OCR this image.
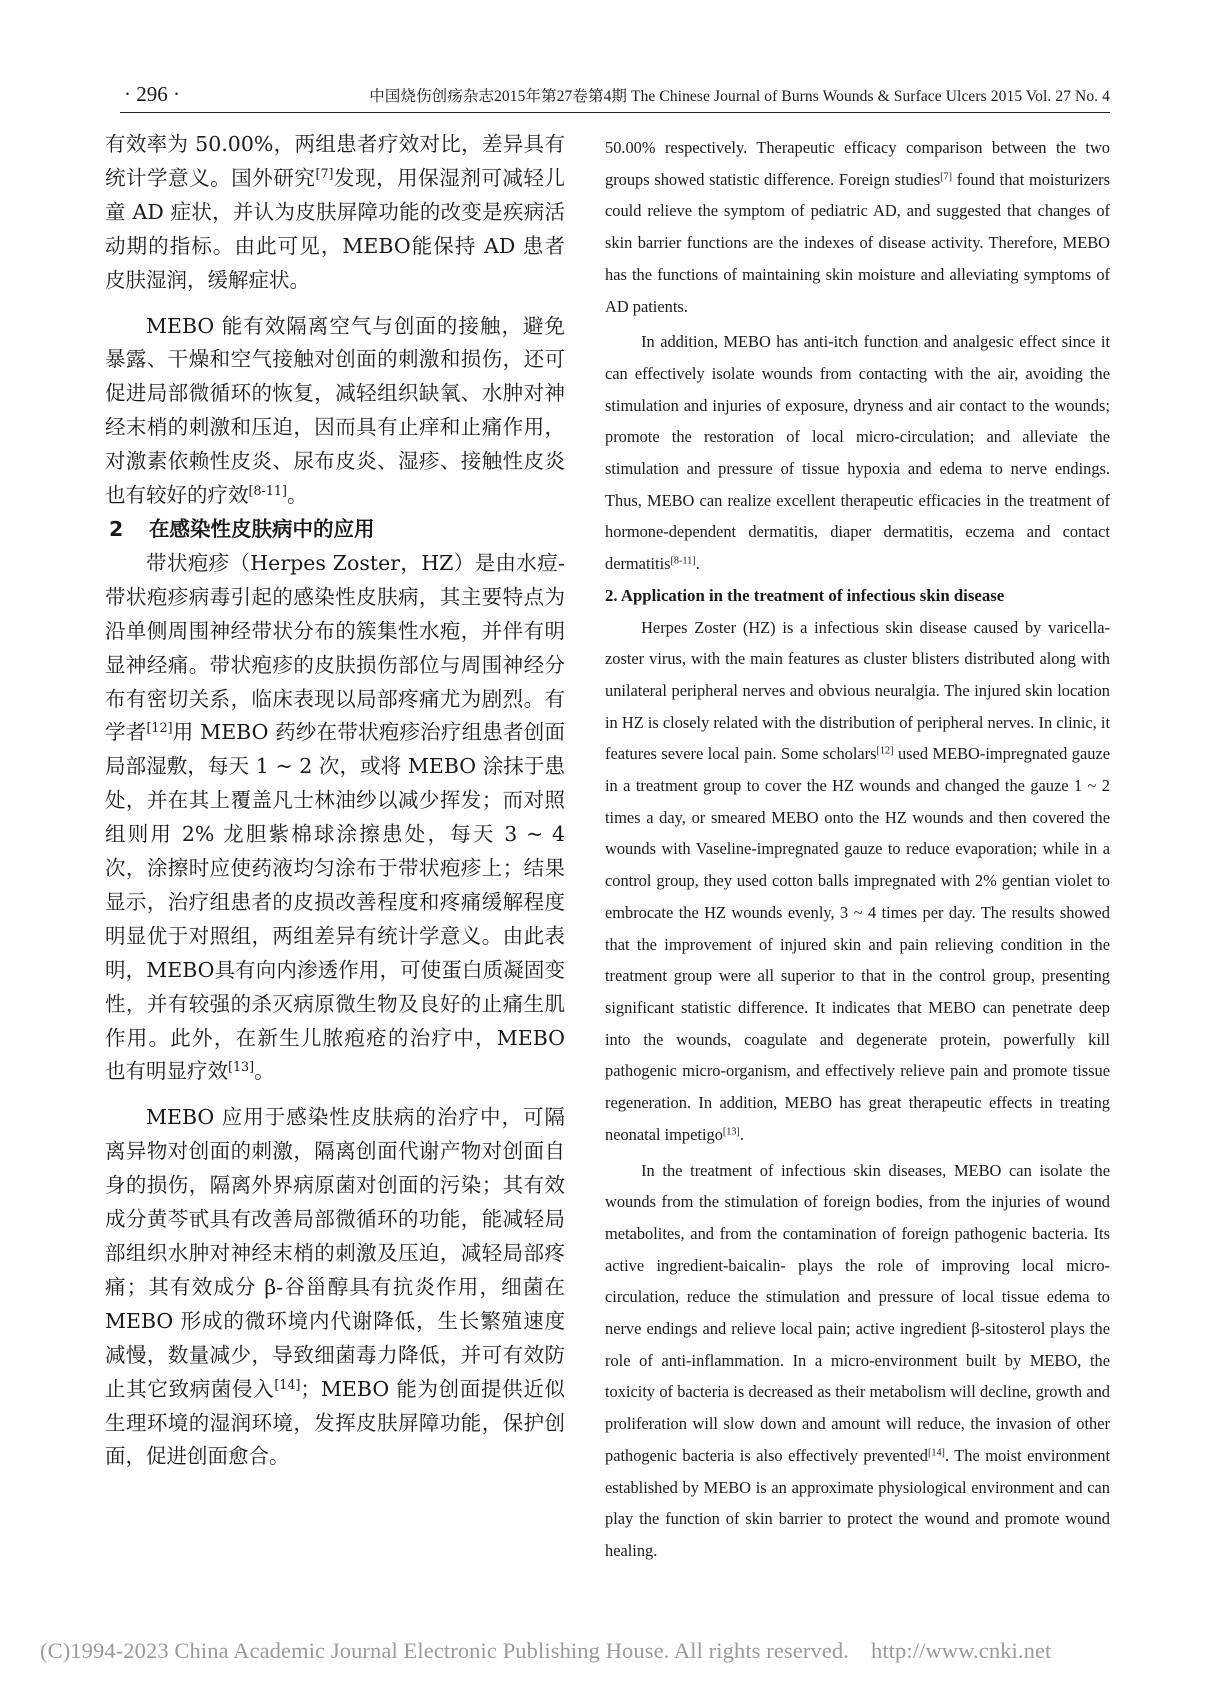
· 296 ·	中国烧伤创疡杂志2015年第27卷第4期 The Chinese Journal of Burns Wounds & Surface Ulcers 2015 Vol. 27 No. 4

有效率为 50.00%，两组患者疗效对比，差异具有统计学意义。国外研究[7]发现，用保湿剂可减轻儿童 AD 症状，并认为皮肤屏障功能的改变是疾病活动期的指标。由此可见，MEBO能保持 AD 患者皮肤湿润，缓解症状。

MEBO 能有效隔离空气与创面的接触，避免暴露、干燥和空气接触对创面的刺激和损伤，还可促进局部微循环的恢复，减轻组织缺氧、水肿对神经末梢的刺激和压迫，因而具有止痒和止痛作用，对激素依赖性皮炎、尿布皮炎、湿疹、接触性皮炎也有较好的疗效[8-11]。

2 在感染性皮肤病中的应用

带状疱疹（Herpes Zoster，HZ）是由水痘-带状疱疹病毒引起的感染性皮肤病，其主要特点为沿单侧周围神经带状分布的簇集性水疱，并伴有明显神经痛。带状疱疹的皮肤损伤部位与周围神经分布有密切关系，临床表现以局部疼痛尤为剧烈。有学者[12]用 MEBO 药纱在带状疱疹治疗组患者创面局部湿敷，每天 1 ~ 2 次，或将 MEBO 涂抹于患处，并在其上覆盖凡士林油纱以减少挥发；而对照组则用 2% 龙胆紫棉球涂擦患处，每天 3 ~ 4 次，涂擦时应使药液均匀涂布于带状疱疹上；结果显示，治疗组患者的皮损改善程度和疼痛缓解程度明显优于对照组，两组差异有统计学意义。由此表明，MEBO具有向内渗透作用，可使蛋白质凝固变性，并有较强的杀灭病原微生物及良好的止痛生肌作用。此外，在新生儿脓疱疮的治疗中，MEBO 也有明显疗效[13]。

MEBO 应用于感染性皮肤病的治疗中，可隔离异物对创面的刺激，隔离创面代谢产物对创面自身的损伤，隔离外界病原菌对创面的污染；其有效成分黄芩甙具有改善局部微循环的功能，能减轻局部组织水肿对神经末梢的刺激及压迫，减轻局部疼痛；其有效成分 β-谷甾醇具有抗炎作用，细菌在 MEBO 形成的微环境内代谢降低，生长繁殖速度减慢，数量减少，导致细菌毒力降低，并可有效防止其它致病菌侵入[14]；MEBO 能为创面提供近似生理环境的湿润环境，发挥皮肤屏障功能，保护创面，促进创面愈合。

50.00% respectively. Therapeutic efficacy comparison between the two groups showed statistic difference. Foreign studies[7] found that moisturizers could relieve the symptom of pediatric AD, and suggested that changes of skin barrier functions are the indexes of disease activity. Therefore, MEBO has the functions of maintaining skin moisture and alleviating symptoms of AD patients.

In addition, MEBO has anti-itch function and analgesic effect since it can effectively isolate wounds from contacting with the air, avoiding the stimulation and injuries of exposure, dryness and air contact to the wounds; promote the restoration of local micro-circulation; and alleviate the stimulation and pressure of tissue hypoxia and edema to nerve endings. Thus, MEBO can realize excellent therapeutic efficacies in the treatment of hormone-dependent dermatitis, diaper dermatitis, eczema and contact dermatitis[8-11].

2. Application in the treatment of infectious skin disease

Herpes Zoster (HZ) is a infectious skin disease caused by varicella-zoster virus, with the main features as cluster blisters distributed along with unilateral peripheral nerves and obvious neuralgia. The injured skin location in HZ is closely related with the distribution of peripheral nerves. In clinic, it features severe local pain. Some scholars[12] used MEBO-impregnated gauze in a treatment group to cover the HZ wounds and changed the gauze 1 ~ 2 times a day, or smeared MEBO onto the HZ wounds and then covered the wounds with Vaseline-impregnated gauze to reduce evaporation; while in a control group, they used cotton balls impregnated with 2% gentian violet to embrocate the HZ wounds evenly, 3 ~ 4 times per day. The results showed that the improvement of injured skin and pain relieving condition in the treatment group were all superior to that in the control group, presenting significant statistic difference. It indicates that MEBO can penetrate deep into the wounds, coagulate and degenerate protein, powerfully kill pathogenic micro-organism, and effectively relieve pain and promote tissue regeneration. In addition, MEBO has great therapeutic effects in treating neonatal impetigo[13].

In the treatment of infectious skin diseases, MEBO can isolate the wounds from the stimulation of foreign bodies, from the injuries of wound metabolites, and from the contamination of foreign pathogenic bacteria. Its active ingredient-baicalin- plays the role of improving local micro-circulation, reduce the stimulation and pressure of local tissue edema to nerve endings and relieve local pain; active ingredient β-sitosterol plays the role of anti-inflammation. In a micro-environment built by MEBO, the toxicity of bacteria is decreased as their metabolism will decline, growth and proliferation will slow down and amount will reduce, the invasion of other pathogenic bacteria is also effectively prevented[14]. The moist environment established by MEBO is an approximate physiological environment and can play the function of skin barrier to protect the wound and promote wound healing.

(C)1994-2023 China Academic Journal Electronic Publishing House. All rights reserved. http://www.cnki.net
